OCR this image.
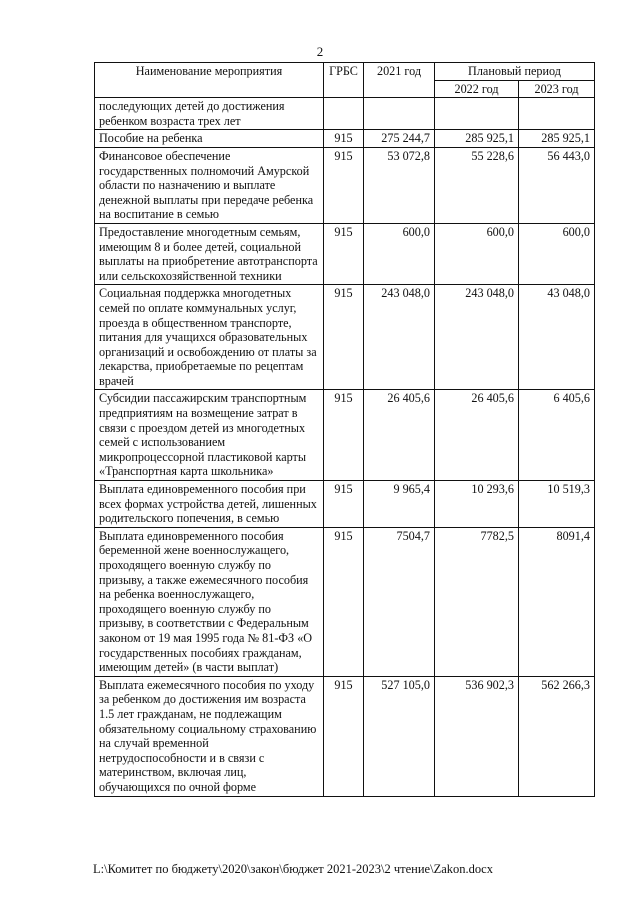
2
Наименование мероприятия	ГРБС	2021 год	Плановый период	
			2022 год	2023 год
последующих детей до достижения ребенком возраста трех лет				
Пособие на ребенка	915	275 244,7	285 925,1	285 925,1
Финансовое обеспечение государственных полномочий Амурской области по назначению и выплате денежной выплаты при передаче ребенка на воспитание в семью	915	53 072,8	55 228,6	56 443,0
Предоставление многодетным семьям, имеющим 8 и более детей, социальной выплаты на приобретение автотранспорта или сельскохозяйственной техники	915	600,0	600,0	600,0
Социальная поддержка многодетных семей по оплате коммунальных услуг, проезда в общественном транспорте, питания для учащихся образовательных организаций и освобождению от платы за лекарства, приобретаемые по рецептам врачей	915	243 048,0	243 048,0	43 048,0
Субсидии пассажирским транспортным предприятиям на возмещение затрат в связи с проездом детей из многодетных семей с использованием микропроцессорной пластиковой карты «Транспортная карта школьника»	915	26 405,6	26 405,6	6 405,6
Выплата единовременного пособия при всех формах устройства детей, лишенных родительского попечения, в семью	915	9 965,4	10 293,6	10 519,3
Выплата единовременного пособия беременной жене военнослужащего, проходящего военную службу по призыву, а также ежемесячного пособия на ребенка военнослужащего, проходящего военную службу по призыву, в соответствии с Федеральным законом от 19 мая 1995 года № 81-ФЗ «О государственных пособиях гражданам, имеющим детей» (в части выплат)	915	7504,7	7782,5	8091,4
Выплата ежемесячного пособия по уходу за ребенком до достижения им возраста 1.5 лет гражданам, не подлежащим обязательному социальному страхованию на случай временной нетрудоспособности и в связи с материнством, включая лиц, обучающихся по очной форме	915	527 105,0	536 902,3	562 266,3
L:\Комитет по бюджету\2020\закон\бюджет 2021-2023\2 чтение\Zakon.docx
